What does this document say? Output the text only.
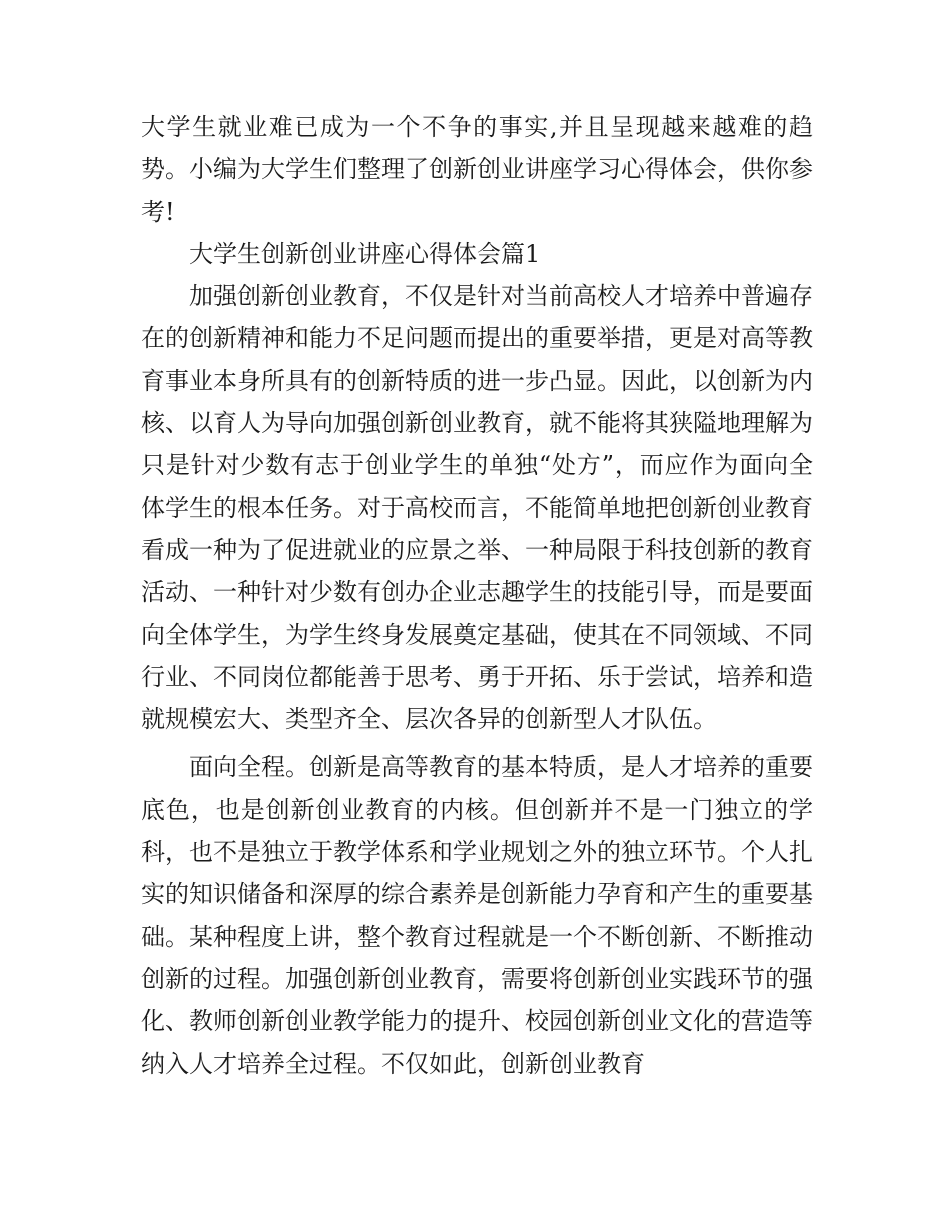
大学生就业难已成为一个不争的事实,并且呈现越来越难的趋势。小编为大学生们整理了创新创业讲座学习心得体会，供你参考!

大学生创新创业讲座心得体会篇1

加强创新创业教育，不仅是针对当前高校人才培养中普遍存在的创新精神和能力不足问题而提出的重要举措，更是对高等教育事业本身所具有的创新特质的进一步凸显。因此，以创新为内核、以育人为导向加强创新创业教育，就不能将其狭隘地理解为只是针对少数有志于创业学生的单独“处方”，而应作为面向全体学生的根本任务。对于高校而言，不能简单地把创新创业教育看成一种为了促进就业的应景之举、一种局限于科技创新的教育活动、一种针对少数有创办企业志趣学生的技能引导，而是要面向全体学生，为学生终身发展奠定基础，使其在不同领域、不同行业、不同岗位都能善于思考、勇于开拓、乐于尝试，培养和造就规模宏大、类型齐全、层次各异的创新型人才队伍。

面向全程。创新是高等教育的基本特质，是人才培养的重要底色，也是创新创业教育的内核。但创新并不是一门独立的学科，也不是独立于教学体系和学业规划之外的独立环节。个人扎实的知识储备和深厚的综合素养是创新能力孕育和产生的重要基础。某种程度上讲，整个教育过程就是一个不断创新、不断推动创新的过程。加强创新创业教育，需要将创新创业实践环节的强化、教师创新创业教学能力的提升、校园创新创业文化的营造等纳入人才培养全过程。不仅如此，创新创业教育
